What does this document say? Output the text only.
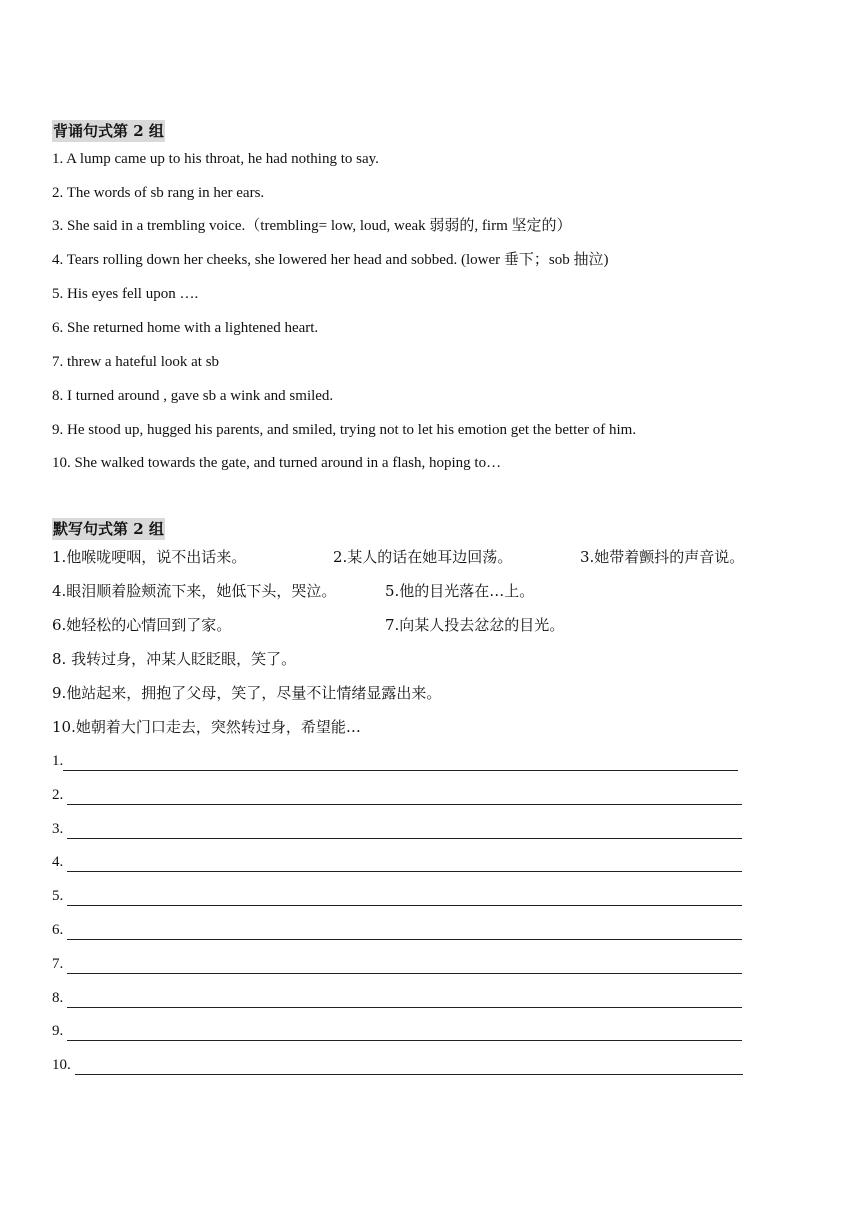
背诵句式第 2 组
1. A lump came up to his throat, he had nothing to say.
2. The words of sb rang in her ears.
3. She said in a trembling voice.（trembling= low, loud, weak 弱弱的, firm 坚定的）
4. Tears rolling down her cheeks, she lowered her head and sobbed. (lower 垂下；sob 抽泣)
5. His eyes fell upon ….
6. She returned home with a lightened heart.
7. threw a hateful look at sb
8. I turned around , gave sb a wink and smiled.
9. He stood up, hugged his parents, and smiled, trying not to let his emotion get the better of him.
10. She walked towards the gate, and turned around in a flash, hoping to…
默写句式第 2 组
1.他喉咙哽咽，说不出话来。	2.某人的话在她耳边回荡。	3.她带着颤抖的声音说。
4.眼泪顺着脸颊流下来，她低下头，哭泣。	5.他的目光落在…上。
6.她轻松的心情回到了家。	7.向某人投去忿忿的目光。
8. 我转过身，冲某人眨眨眼，笑了。
9.他站起来，拥抱了父母，笑了，尽量不让情绪显露出来。
10.她朝着大门口走去，突然转过身，希望能…
1.
2.
3.
4.
5.
6.
7.
8.
9.
10.
